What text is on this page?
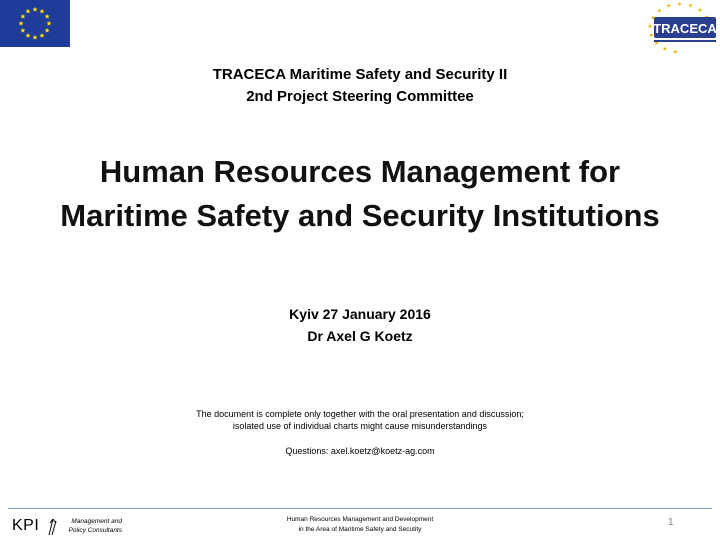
TRACECA
TRACECA Maritime Safety and Security II
2nd Project Steering Committee
Human Resources Management for
Maritime Safety and Security Institutions
Kyiv 27 January 2016
Dr Axel G Koetz
The document is complete only together with the oral presentation and discussion;
isolated use of individual charts might cause misunderstandings
Questions: axel.koetz@koetz-ag.com
KPI	Management and
Policy Consultants
Human Resources Management and Development
in the Area of Maritime Safety and Secutity
1
